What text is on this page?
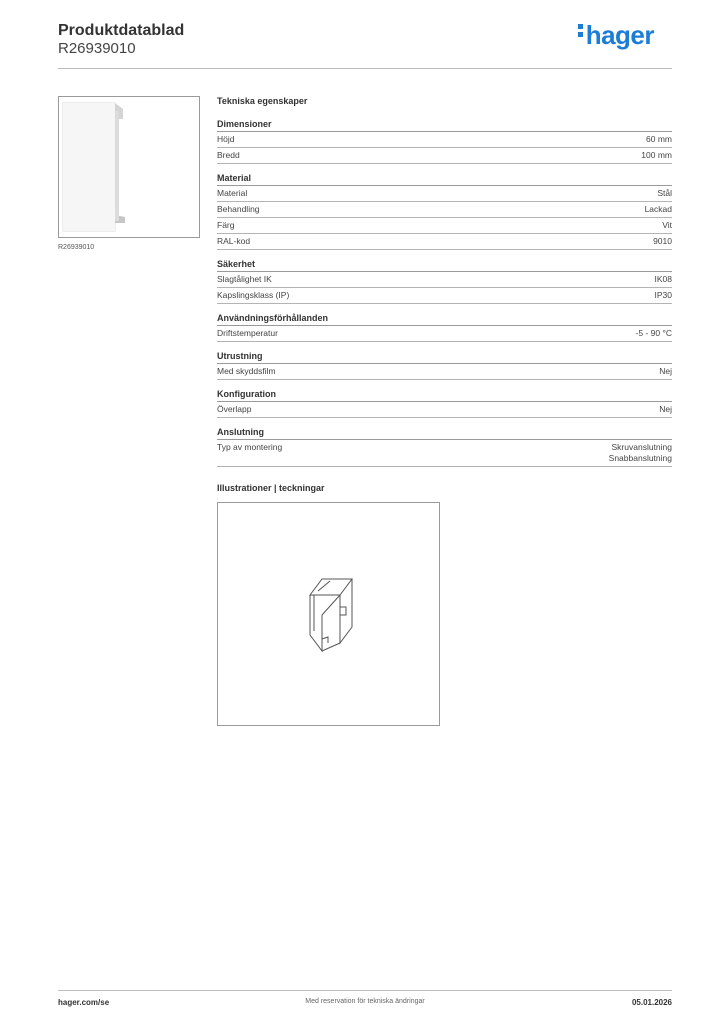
Produktdatablad
R26939010	hager
R26939010
Tekniska egenskaper
Dimensioner
Höjd	60 mm
Bredd	100 mm
Material
Material	Stål
Behandling	Lackad
Färg	Vit
RAL-kod	9010
Säkerhet
Slagtålighet IK	IK08
Kapslingsklass (IP)	IP30
Användningsförhållanden
Driftstemperatur	-5 - 90 °C
Utrustning
Med skyddsfilm	Nej
Konfiguration
Överlapp	Nej
Anslutning
Typ av montering	Skruvanslutning
Snabbanslutning
Illustrationer | teckningar
hager.com/se	Med reservation för tekniska ändringar	05.01.2026
